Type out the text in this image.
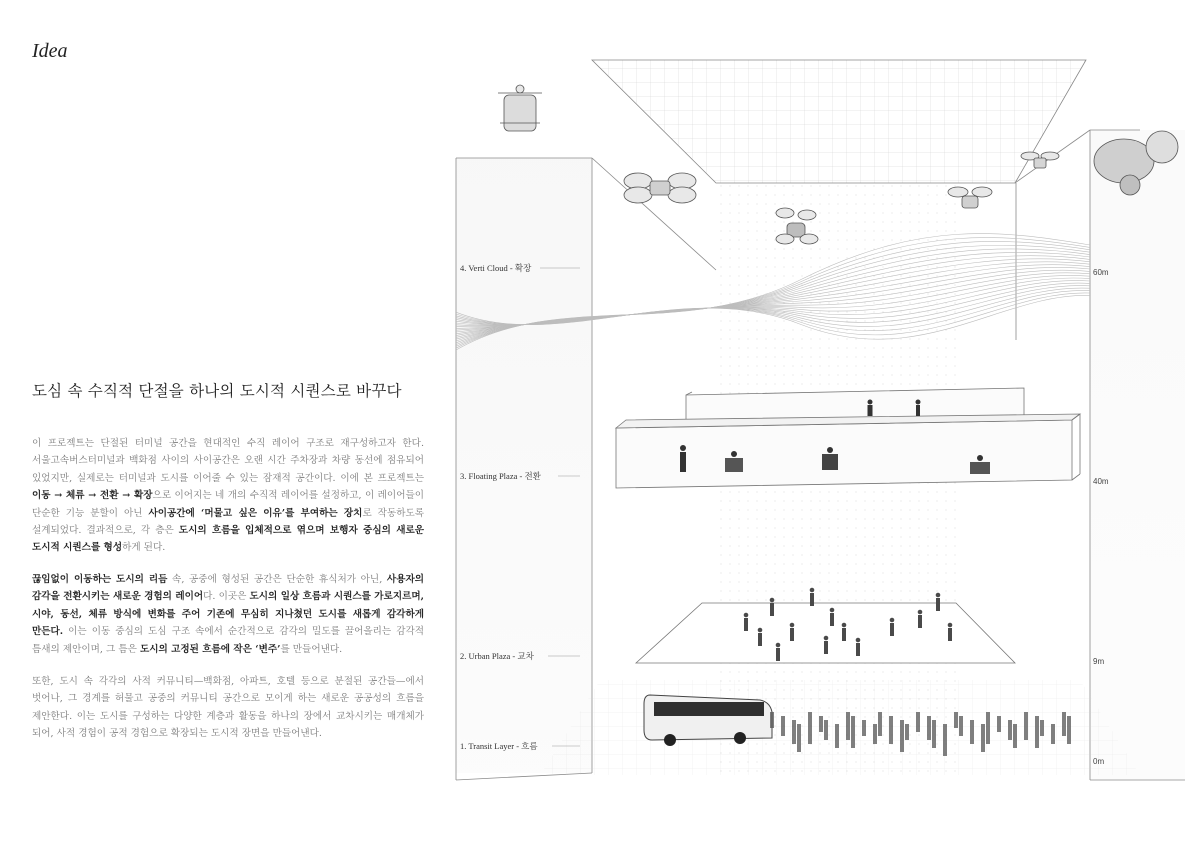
Idea
도심 속 수직적 단절을 하나의 도시적 시퀀스로 바꾸다

이 프로젝트는 단절된 터미널 공간을 현대적인 수직 레이어 구조로 재구성하고자 한다. 서울고속버스터미널과 백화점 사이의 사이공간은 오랜 시간 주차장과 차량 동선에 점유되어 있었지만, 실제로는 터미널과 도시를 이어줄 수 있는 잠재적 공간이다. 이에 본 프로젝트는 이동 → 체류 → 전환 → 확장으로 이어지는 네 개의 수직적 레이어를 설정하고, 이 레이어들이 단순한 기능 분할이 아닌 사이공간에 ‘머물고 싶은 이유’를 부여하는 장치로 작동하도록 설계되었다. 결과적으로, 각 층은 도시의 흐름을 입체적으로 엮으며 보행자 중심의 새로운 도시적 시퀀스를 형성하게 된다.

끊임없이 이동하는 도시의 리듬 속, 공중에 형성된 공간은 단순한 휴식처가 아닌, 사용자의 감각을 전환시키는 새로운 경험의 레이어다. 이곳은 도시의 일상 흐름과 시퀀스를 가로지르며, 시야, 동선, 체류 방식에 변화를 주어 기존에 무심히 지나쳤던 도시를 새롭게 감각하게 만든다. 이는 이동 중심의 도심 구조 속에서 순간적으로 감각의 밀도를 끌어올리는 감각적 틈새의 제안이며, 그 틈은 도시의 고정된 흐름에 작은 ‘변주’를 만들어낸다.

또한, 도시 속 각각의 사적 커뮤니티—백화점, 아파트, 호텔 등으로 분절된 공간들—에서 벗어나, 그 경계를 허물고 공중의 커뮤니티 공간으로 모이게 하는 새로운 공공성의 흐름을 제안한다. 이는 도시를 구성하는 다양한 계층과 활동을 하나의 장에서 교차시키는 매개체가 되어, 사적 경험이 공적 경험으로 확장되는 도시적 장면을 만들어낸다.

4. Verti Cloud - 확장
3. Floating Plaza - 전환
2. Urban Plaza - 교차
1. Transit Layer - 흐름
60m
40m
9m
0m
